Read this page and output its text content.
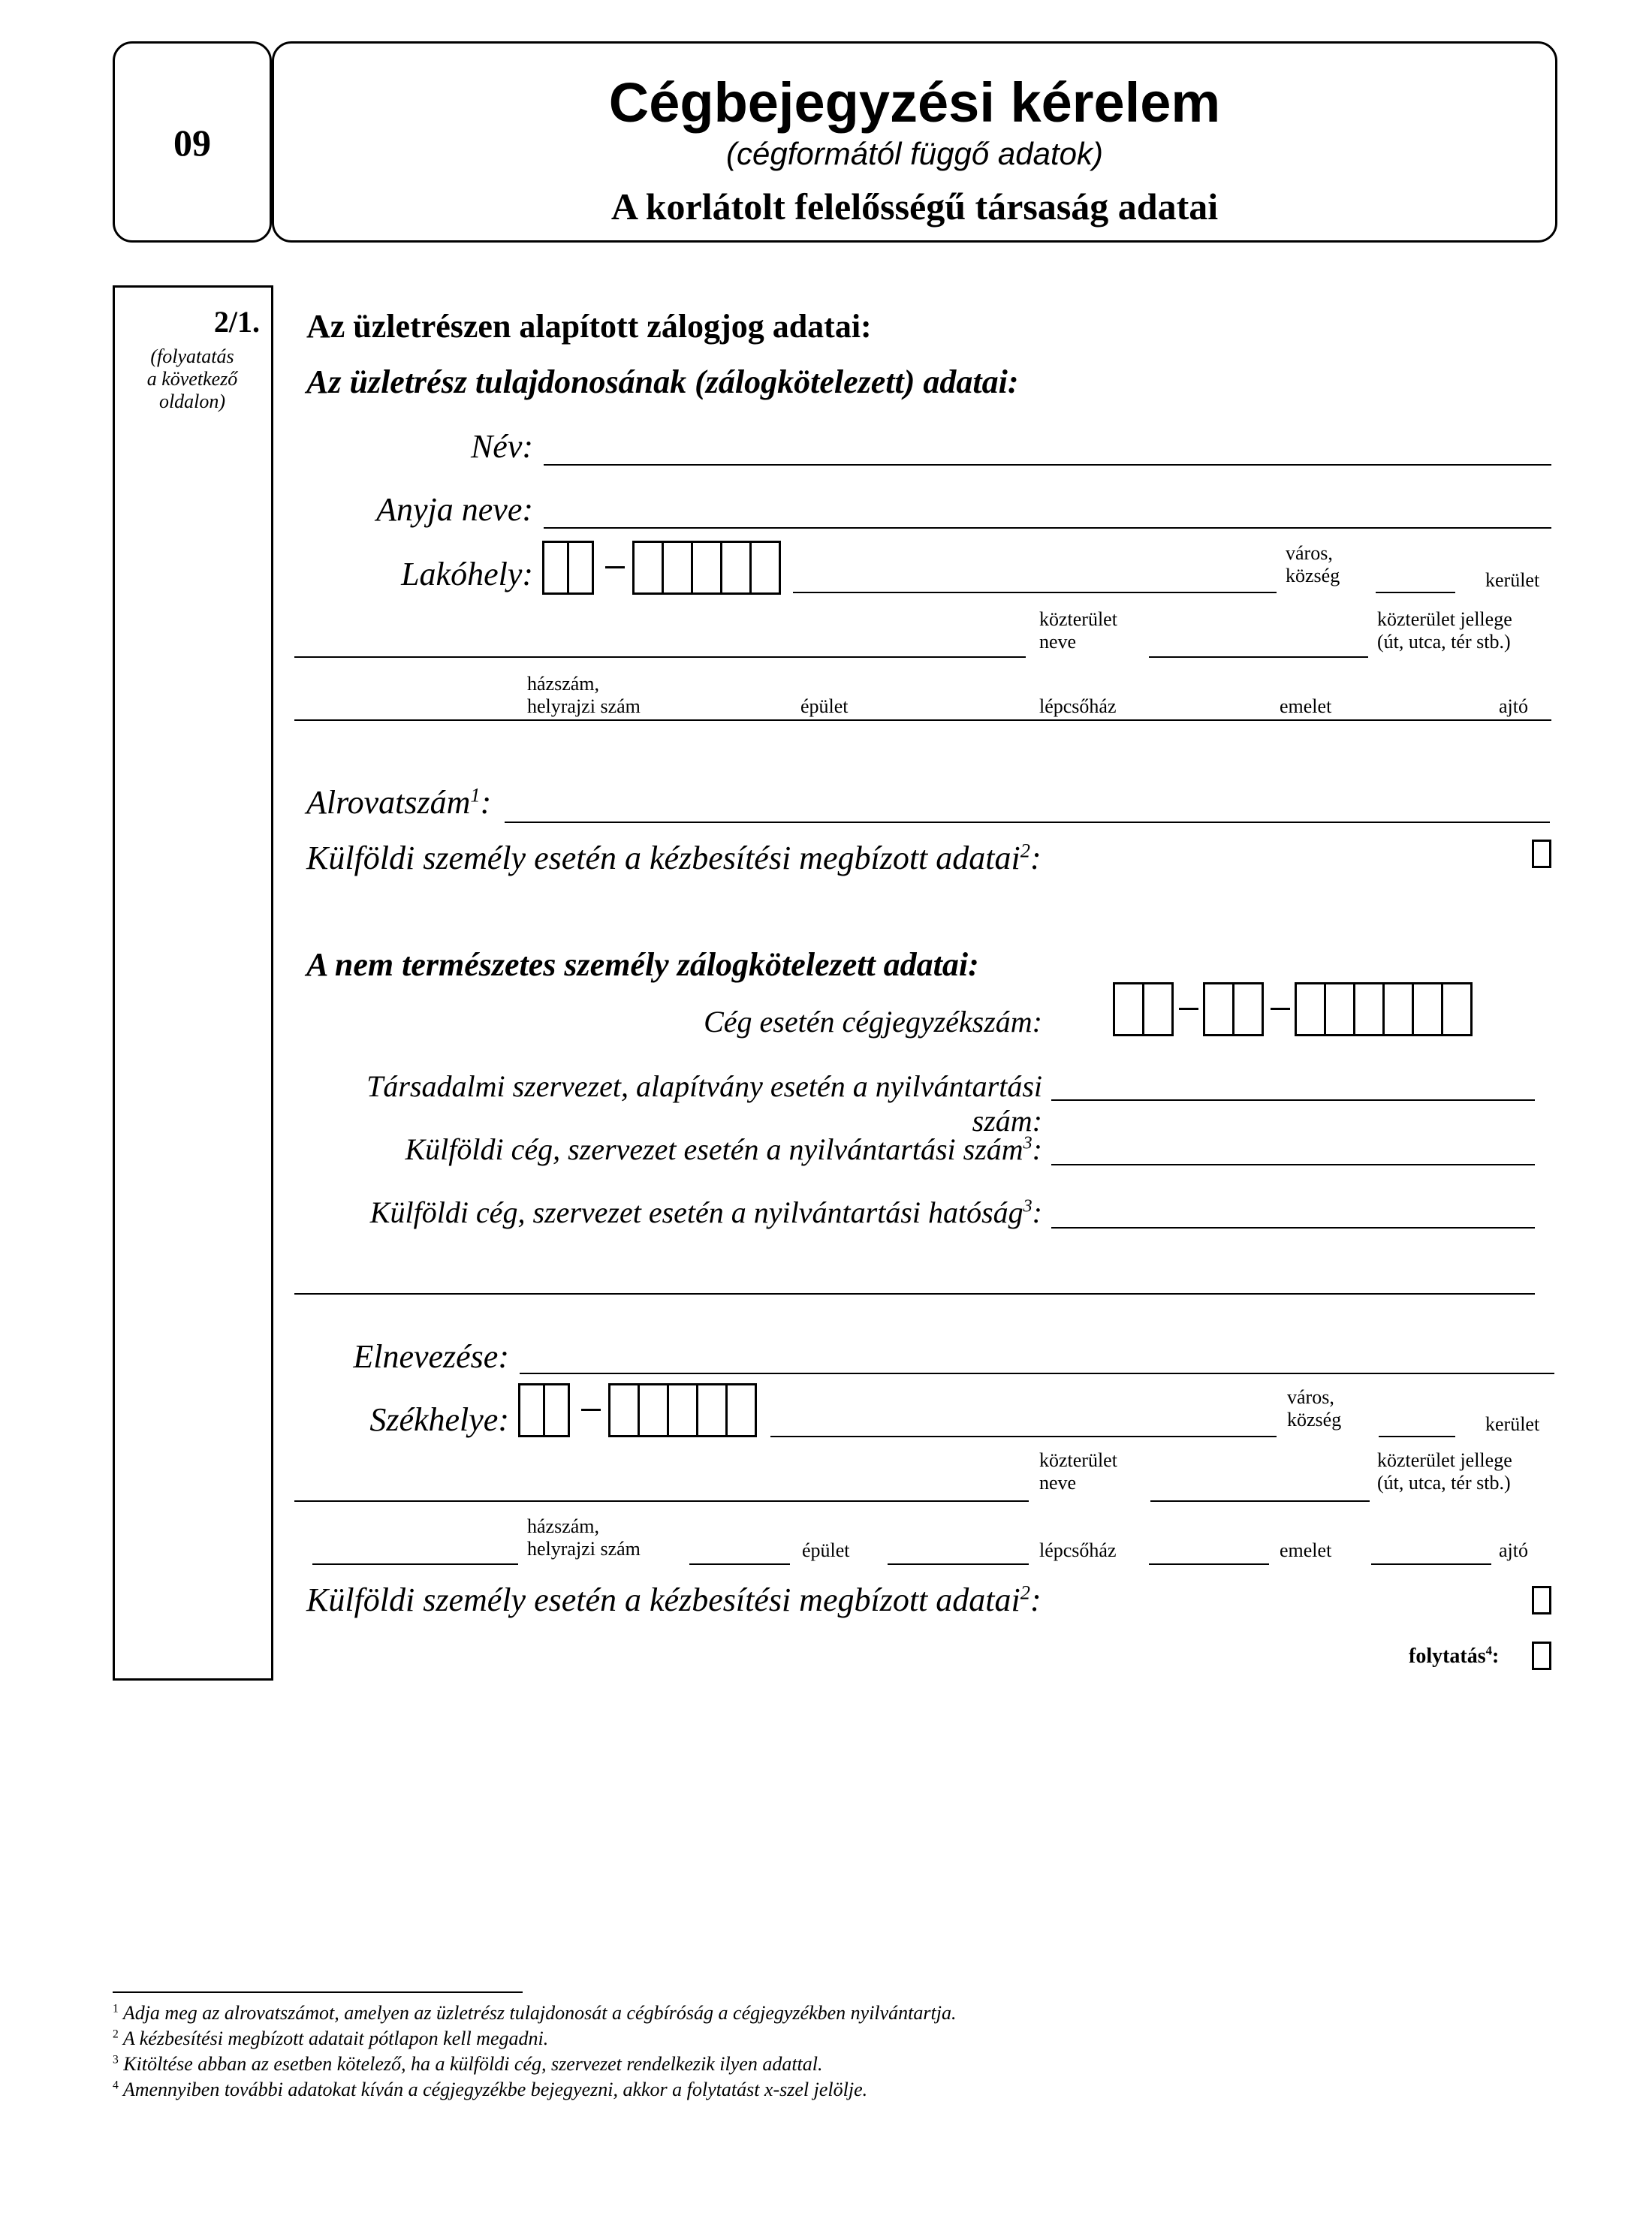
09
Cégbejegyzési kérelem
(cégformától függő adatok)
A korlátolt felelősségű társaság adatai
2/1.
(folyatatás
a következő
oldalon)
Az üzletrészen alapított zálogjog adatai:
Az üzletrész tulajdonosának (zálogkötelezett) adatai:
Név:
Anyja neve:
Lakóhely:
város,
község	kerület
közterület
neve
közterület jellege
(út, utca, tér stb.)
házszám,
helyrajzi szám	épület	lépcsőház	emelet	ajtó
Alrovatszám$^1$:
Külföldi személy esetén a kézbesítési megbízott adatai$^2$:
A nem természetes személy zálogkötelezett adatai:
Cég esetén cégjegyzékszám:
Társadalmi szervezet, alapítvány esetén a nyilvántartási szám:
Külföldi cég, szervezet esetén a nyilvántartási szám$^3$:
Külföldi cég, szervezet esetén a nyilvántartási hatóság$^3$:
Elnevezése:
Székhelye:
város,
község	kerület
közterület
neve
közterület jellege
(út, utca, tér stb.)
házszám,
helyrajzi szám	épület	lépcsőház	emelet	ajtó
Külföldi személy esetén a kézbesítési megbízott adatai$^2$:
folytatás$^4$:
$^1$ Adja meg az alrovatszámot, amelyen az üzletrész tulajdonosát a cégbíróság a cégjegyzékben nyilvántartja.
$^2$ A kézbesítési megbízott adatait pótlapon kell megadni.
$^3$ Kitöltése abban az esetben kötelező, ha a külföldi cég, szervezet rendelkezik ilyen adattal.
$^4$ Amennyiben további adatokat kíván a cégjegyzékbe bejegyezni, akkor a folytatást x-szel jelölje.
